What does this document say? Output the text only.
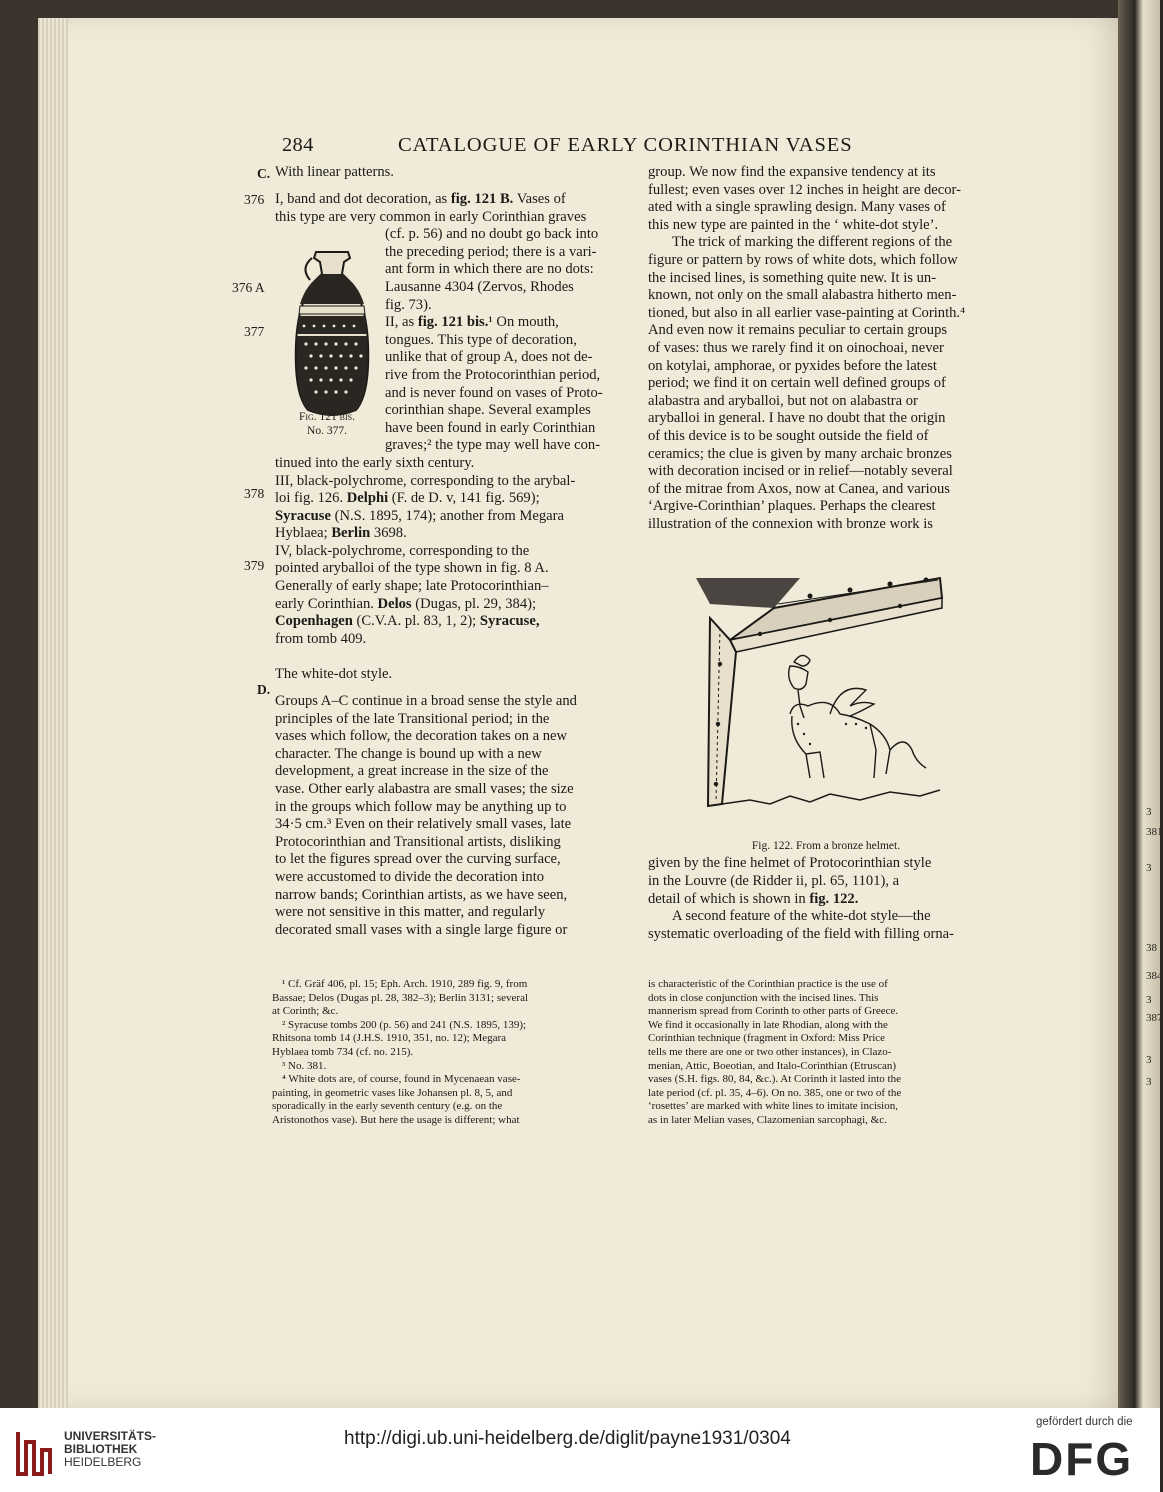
3
381
3
38
384
3
387
3
3
284	CATALOGUE OF EARLY CORINTHIAN VASES
C.
376
376 A
377
378
379
D.

With linear patterns.

I, band and dot decoration, as fig. 121 B. Vases of

this type are very common in early Corinthian graves

(cf. p. 56) and no doubt go back into

the preceding period; there is a vari-

ant form in which there are no dots:

Lausanne 4304 (Zervos, Rhodes

fig. 73).

II, as fig. 121 bis.¹ On mouth,

tongues. This type of decoration,

unlike that of group A, does not de-

rive from the Protocorinthian period,

and is never found on vases of Proto-

corinthian shape. Several examples

have been found in early Corinthian

graves;² the type may well have con-

tinued into the early sixth century.

III, black-polychrome, corresponding to the arybal-

loi fig. 126. Delphi (F. de D. v, 141 fig. 569);

Syracuse (N.S. 1895, 174); another from Megara

Hyblaea; Berlin 3698.

IV, black-polychrome, corresponding to the

pointed aryballoi of the type shown in fig. 8 A.

Generally of early shape; late Protocorinthian–

early Corinthian. Delos (Dugas, pl. 29, 384);

Copenhagen (C.V.A. pl. 83, 1, 2); Syracuse,

from tomb 409.

The white-dot style.

Groups A–C continue in a broad sense the style and

principles of the late Transitional period; in the

vases which follow, the decoration takes on a new

character. The change is bound up with a new

development, a great increase in the size of the

vase. Other early alabastra are small vases; the size

in the groups which follow may be anything up to

34·5 cm.³ Even on their relatively small vases, late

Protocorinthian and Transitional artists, disliking

to let the figures spread over the curving surface,

were accustomed to divide the decoration into

narrow bands; Corinthian artists, as we have seen,

were not sensitive in this matter, and regularly

decorated small vases with a single large figure or

Fig. 121 bis.
No. 377.

group. We now find the expansive tendency at its

fullest; even vases over 12 inches in height are decor-

ated with a single sprawling design. Many vases of

this new type are painted in the ‘ white-dot style’.

The trick of marking the different regions of the

figure or pattern by rows of white dots, which follow

the incised lines, is something quite new. It is un-

known, not only on the small alabastra hitherto men-

tioned, but also in all earlier vase-painting at Corinth.⁴

And even now it remains peculiar to certain groups

of vases: thus we rarely find it on oinochoai, never

on kotylai, amphorae, or pyxides before the latest

period; we find it on certain well defined groups of

alabastra and aryballoi, but not on alabastra or

aryballoi in general. I have no doubt that the origin

of this device is to be sought outside the field of

ceramics; the clue is given by many archaic bronzes

with decoration incised or in relief—notably several

of the mitrae from Axos, now at Canea, and various

‘Argive-Corinthian’ plaques. Perhaps the clearest

illustration of the connexion with bronze work is

given by the fine helmet of Protocorinthian style

in the Louvre (de Ridder ii, pl. 65, 1101), a

detail of which is shown in fig. 122.

A second feature of the white-dot style—the

systematic overloading of the field with filling orna-

Fig. 122. From a bronze helmet.
¹ Cf. Gräf 406, pl. 15; Eph. Arch. 1910, 289 fig. 9, from
Bassae; Delos (Dugas pl. 28, 382–3); Berlin 3131; several
at Corinth; &c.
² Syracuse tombs 200 (p. 56) and 241 (N.S. 1895, 139);
Rhitsona tomb 14 (J.H.S. 1910, 351, no. 12); Megara
Hyblaea tomb 734 (cf. no. 215).
³ No. 381.
⁴ White dots are, of course, found in Mycenaean vase-
painting, in geometric vases like Johansen pl. 8, 5, and
sporadically in the early seventh century (e.g. on the
Aristonothos vase). But here the usage is different; what
is characteristic of the Corinthian practice is the use of
dots in close conjunction with the incised lines. This
mannerism spread from Corinth to other parts of Greece.
We find it occasionally in late Rhodian, along with the
Corinthian technique (fragment in Oxford: Miss Price
tells me there are one or two other instances), in Clazo-
menian, Attic, Boeotian, and Italo-Corinthian (Etruscan)
vases (S.H. figs. 80, 84, &c.). At Corinth it lasted into the
late period (cf. pl. 35, 4–6). On no. 385, one or two of the
‘rosettes’ are marked with white lines to imitate incision,
as in later Melian vases, Clazomenian sarcophagi, &c.
UNIVERSITÄTS-
BIBLIOTHEK
HEIDELBERG
http://digi.ub.uni-heidelberg.de/diglit/payne1931/0304
gefördert durch die
DFG
